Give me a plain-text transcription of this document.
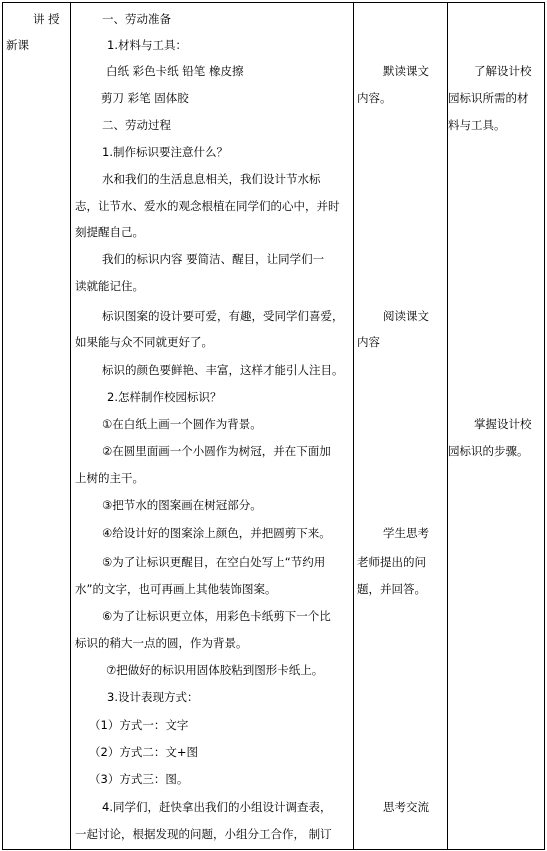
讲 授
新课
一、劳动准备
1.材料与工具：
白纸 彩色卡纸 铅笔 橡皮擦
剪刀 彩笔 固体胶
二、劳动过程
1.制作标识要注意什么？
水和我们的生活息息相关，我们设计节水标
志，让节水、爱水的观念根植在同学们的心中，并时
刻提醒自己。
我们的标识内容 要简洁、醒目，让同学们一
读就能记住。
标识图案的设计要可爱，有趣，受同学们喜爱，
如果能与众不同就更好了。
标识的颜色要鲜艳、丰富，这样才能引人注目。
2.怎样制作校园标识？
①在白纸上画一个圆作为背景。
②在圆里面画一个小圆作为树冠，并在下面加
上树的主干。
③把节水的图案画在树冠部分。
④给设计好的图案涂上颜色，并把圆剪下来。
⑤为了让标识更醒目，在空白处写上“节约用
水”的文字，也可再画上其他装饰图案。
⑥为了让标识更立体，用彩色卡纸剪下一个比
标识的稍大一点的圆，作为背景。
⑦把做好的标识用固体胶粘到图形卡纸上。
3.设计表现方式：
（1）方式一：文字
（2）方式二：文+图
（3）方式三：图。
4.同学们，赶快拿出我们的小组设计调查表，
一起讨论，根据发现的问题，小组分工合作， 制订
默读课文
内容。
阅读课文
内容
学生思考
老师提出的问
题，并回答。
思考交流
了解设计校
园标识所需的材
料与工具。
掌握设计校
园标识的步骤。
